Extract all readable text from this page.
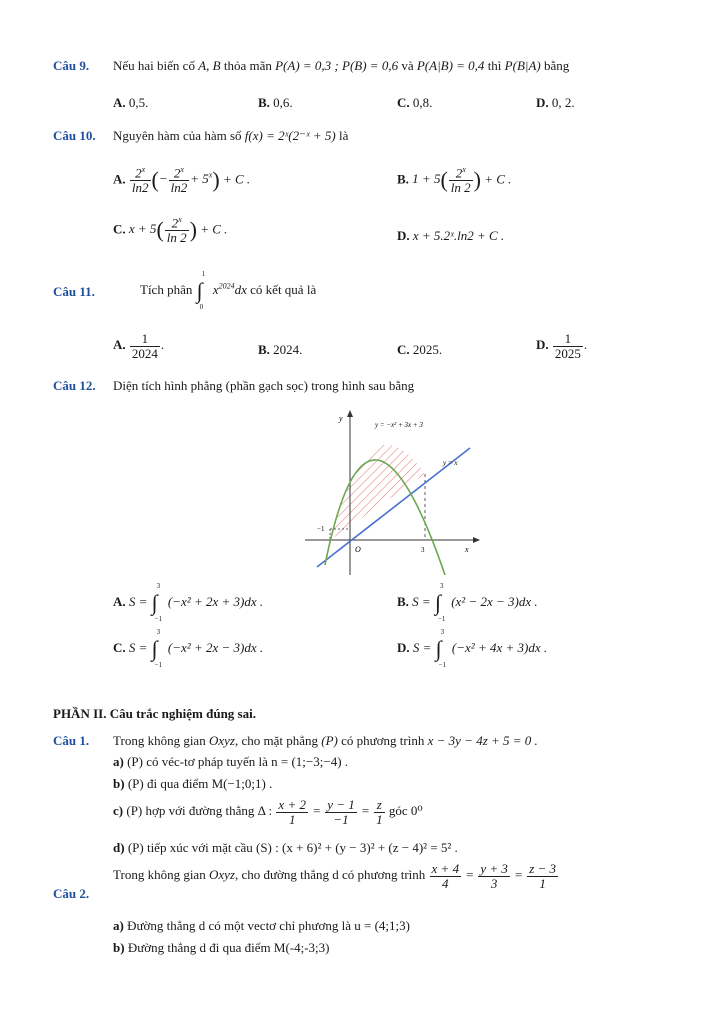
Câu 9. Nếu hai biến cố A, B thỏa mãn P(A) = 0,3 ; P(B) = 0,6 và P(A|B) = 0,4 thì P(B|A) bằng
A. 0,5.	B. 0,6.	C. 0,8.	D. 0, 2.
Câu 10. Nguyên hàm của hàm số f(x) = 2ˣ(2⁻ˣ + 5) là
A. $\frac{2^x}{\ln 2}$ (− $\frac{2^x}{\ln 2} + 5^x) + C$ .	B. $1 + 5( \frac{2^x}{\ln 2}$ ) + C .
C. $x + 5( \frac{2^x}{\ln 2}$ ) + C .	D. x + 5.2ˣ.ln2 + C .
Câu 11.	Tích phân
1
∫
0
$x^{2024}dx$ có kết quả là
A. $\frac{1}{2024}$ .	B. 2024.	C. 2025.	D. $\frac{1}{2025}$ .
Câu 12. Diện tích hình phẳng (phần gạch sọc) trong hình sau bằng
y
x
O	3
−1
y = −x² + 3x + 3
y = x
A. S =
3
∫
−1
(−x² + 2x + 3)dx .	B. S =
3
∫
−1
(x² − 2x − 3)dx .
C. S =
3
∫
−1
(−x² + 2x − 3)dx .	D. S =
3
∫
−1
(−x² + 4x + 3)dx .
PHẦN II. Câu trắc nghiệm đúng sai.
Câu 1. Trong không gian Oxyz, cho mặt phẳng (P) có phương trình x − 3y − 4z + 5 = 0 .
a) (P) có véc-tơ pháp tuyến là n = (1;−3;−4) .
b) (P) đi qua điểm M(−1;0;1) .
c) (P) hợp với đường thẳng Δ : $\frac{x + 2}{1} = \frac{y - 1}{-1} = \frac{z}{1}$ góc 0⁰
d) (P) tiếp xúc với mặt cầu (S) : (x + 6)² + (y − 3)² + (z − 4)² = 5² .
Câu 2.
Trong không gian Oxyz, cho đường thẳng d có phương trình $\frac{x + 4}{4} = \frac{y + 3}{3} = \frac{z - 3}{1}$
a) Đường thẳng d có một vectơ chỉ phương là u = (4;1;3)
b) Đường thẳng d đi qua điểm M(-4;-3;3)
